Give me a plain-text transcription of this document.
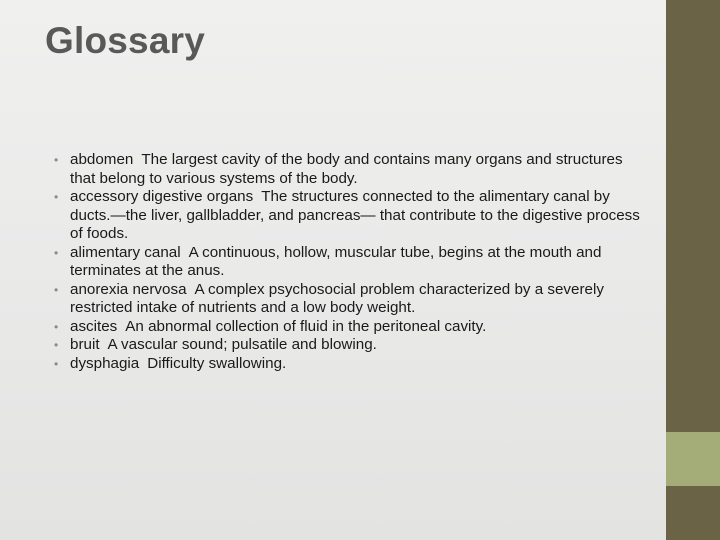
Glossary
• abdomen The largest cavity of the body and contains many organs and structures that belong to various systems of the body.
• accessory digestive organs The structures connected to the alimentary canal by ducts.—the liver, gallbladder, and pancreas— that contribute to the digestive process of foods.
• alimentary canal A continuous, hollow, muscular tube, begins at the mouth and terminates at the anus.
• anorexia nervosa A complex psychosocial problem characterized by a severely restricted intake of nutrients and a low body weight.
• ascites An abnormal collection of fluid in the peritoneal cavity.
• bruit A vascular sound; pulsatile and blowing.
• dysphagia Difficulty swallowing.
